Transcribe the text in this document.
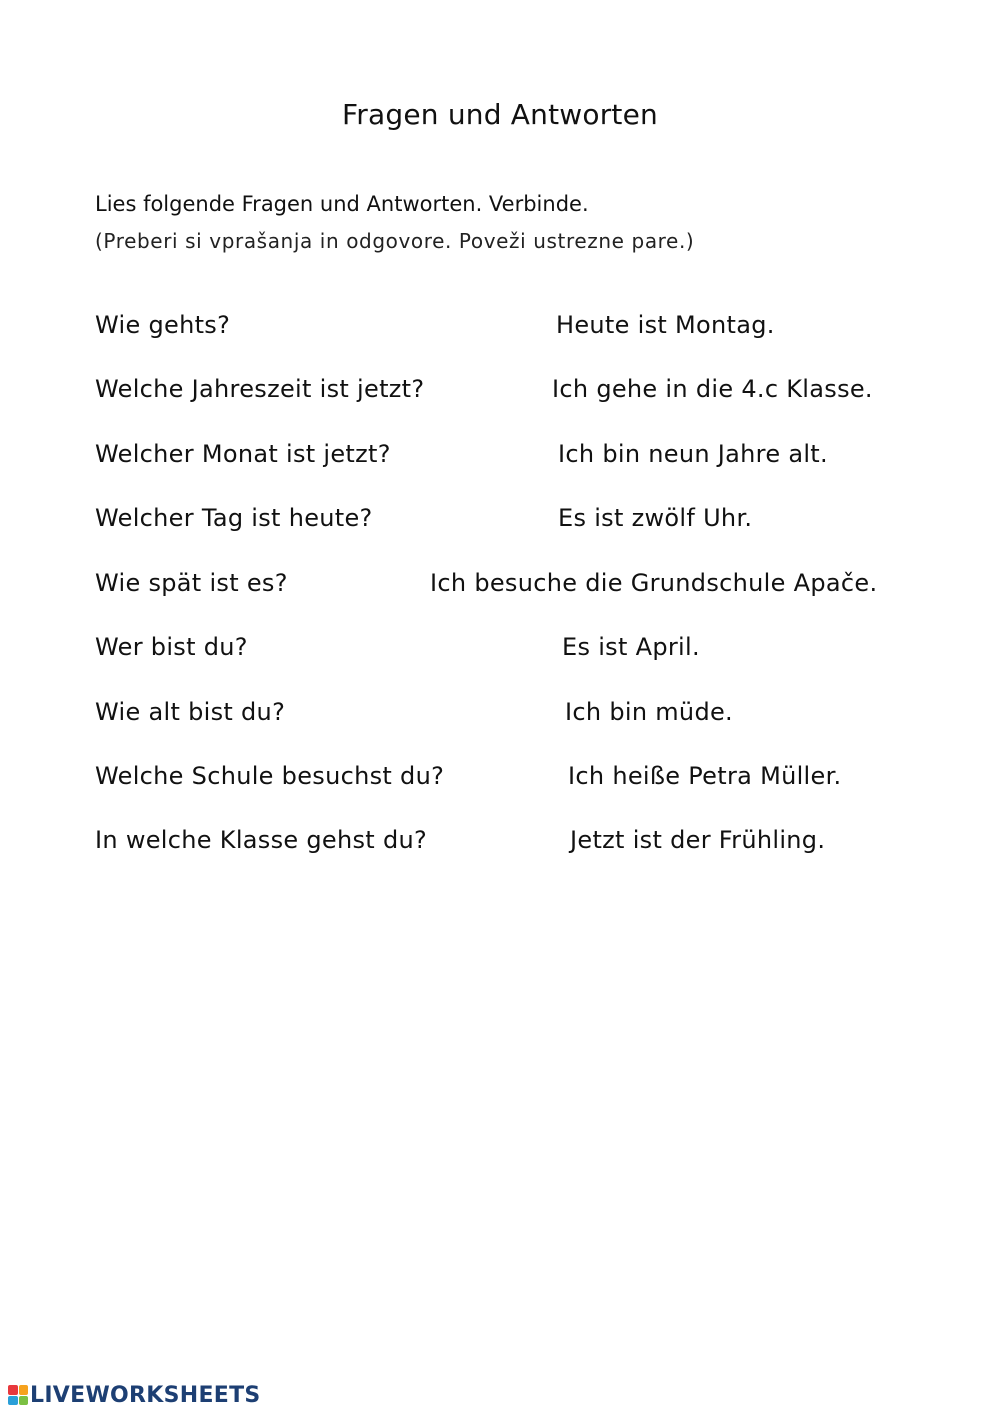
Fragen und Antworten
Lies folgende Fragen und Antworten. Verbinde.
(Preberi si vprašanja in odgovore. Poveži ustrezne pare.)
Wie gehts?	Heute ist Montag.
Welche Jahreszeit ist jetzt?	Ich gehe in die 4.c Klasse.
Welcher Monat ist jetzt?	Ich bin neun Jahre alt.
Welcher Tag ist heute?	Es ist zwölf Uhr.
Wie spät ist es?	Ich besuche die Grundschule Apače.
Wer bist du?	Es ist April.
Wie alt bist du?	Ich bin müde.
Welche Schule besuchst du?	Ich heiße Petra Müller.
In welche Klasse gehst du?	Jetzt ist der Frühling.
LIVEWORKSHEETS
